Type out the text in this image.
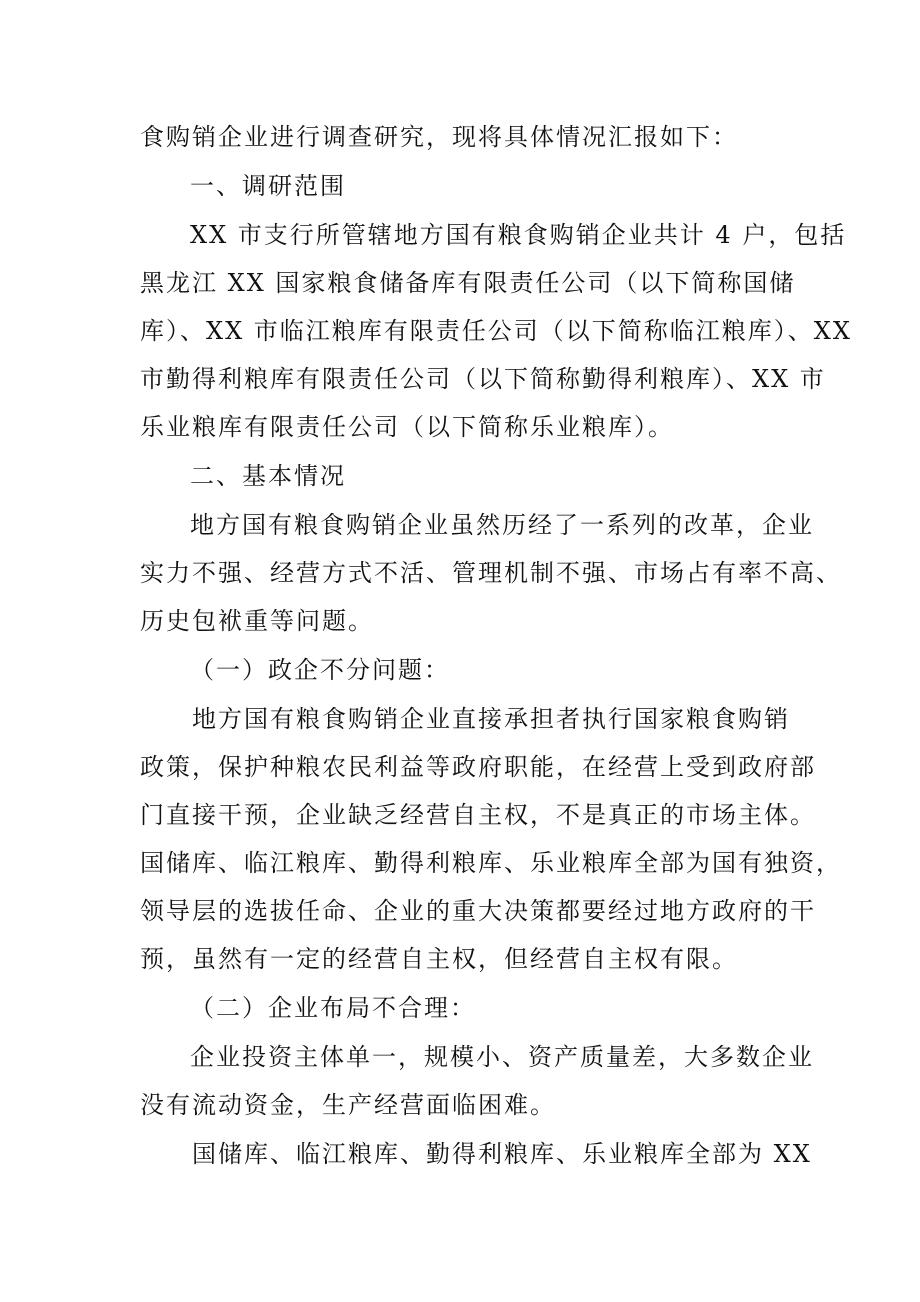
食购销企业进行调查研究，现将具体情况汇报如下：
一、调研范围
XX 市支行所管辖地方国有粮食购销企业共计 4 户，包括
黑龙江 XX 国家粮食储备库有限责任公司（以下简称国储
库）、XX 市临江粮库有限责任公司（以下简称临江粮库）、XX
市勤得利粮库有限责任公司（以下简称勤得利粮库）、XX 市
乐业粮库有限责任公司（以下简称乐业粮库）。
二、基本情况
地方国有粮食购销企业虽然历经了一系列的改革，企业
实力不强、经营方式不活、管理机制不强、市场占有率不高、
历史包袱重等问题。
（一）政企不分问题：
地方国有粮食购销企业直接承担者执行国家粮食购销
政策，保护种粮农民利益等政府职能，在经营上受到政府部
门直接干预，企业缺乏经营自主权，不是真正的市场主体。
国储库、临江粮库、勤得利粮库、乐业粮库全部为国有独资，
领导层的选拔任命、企业的重大决策都要经过地方政府的干
预，虽然有一定的经营自主权，但经营自主权有限。
（二）企业布局不合理：
企业投资主体单一，规模小、资产质量差，大多数企业
没有流动资金，生产经营面临困难。
国储库、临江粮库、勤得利粮库、乐业粮库全部为 XX
